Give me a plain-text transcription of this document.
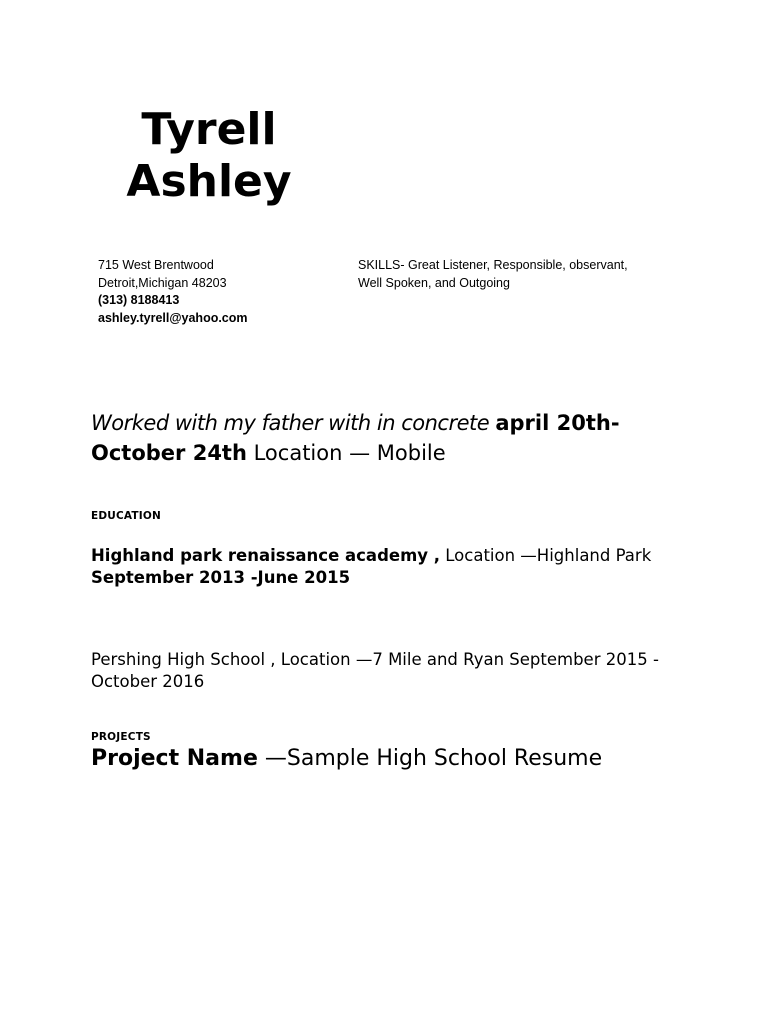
Tyrell
Ashley
715 West Brentwood
Detroit,Michigan 48203
(313) 8188413
ashley.tyrell@yahoo.com
SKILLS- Great Listener, Responsible, observant,
Well Spoken, and Outgoing
Worked with my father with in concrete april 20th-
October 24th Location — Mobile
EDUCATION
Highland park renaissance academy , Location —Highland Park September 2013 -June 2015
Pershing High School , Location —7 Mile and Ryan September 2015 - October 2016
PROJECTS
Project Name —Sample High School Resume
